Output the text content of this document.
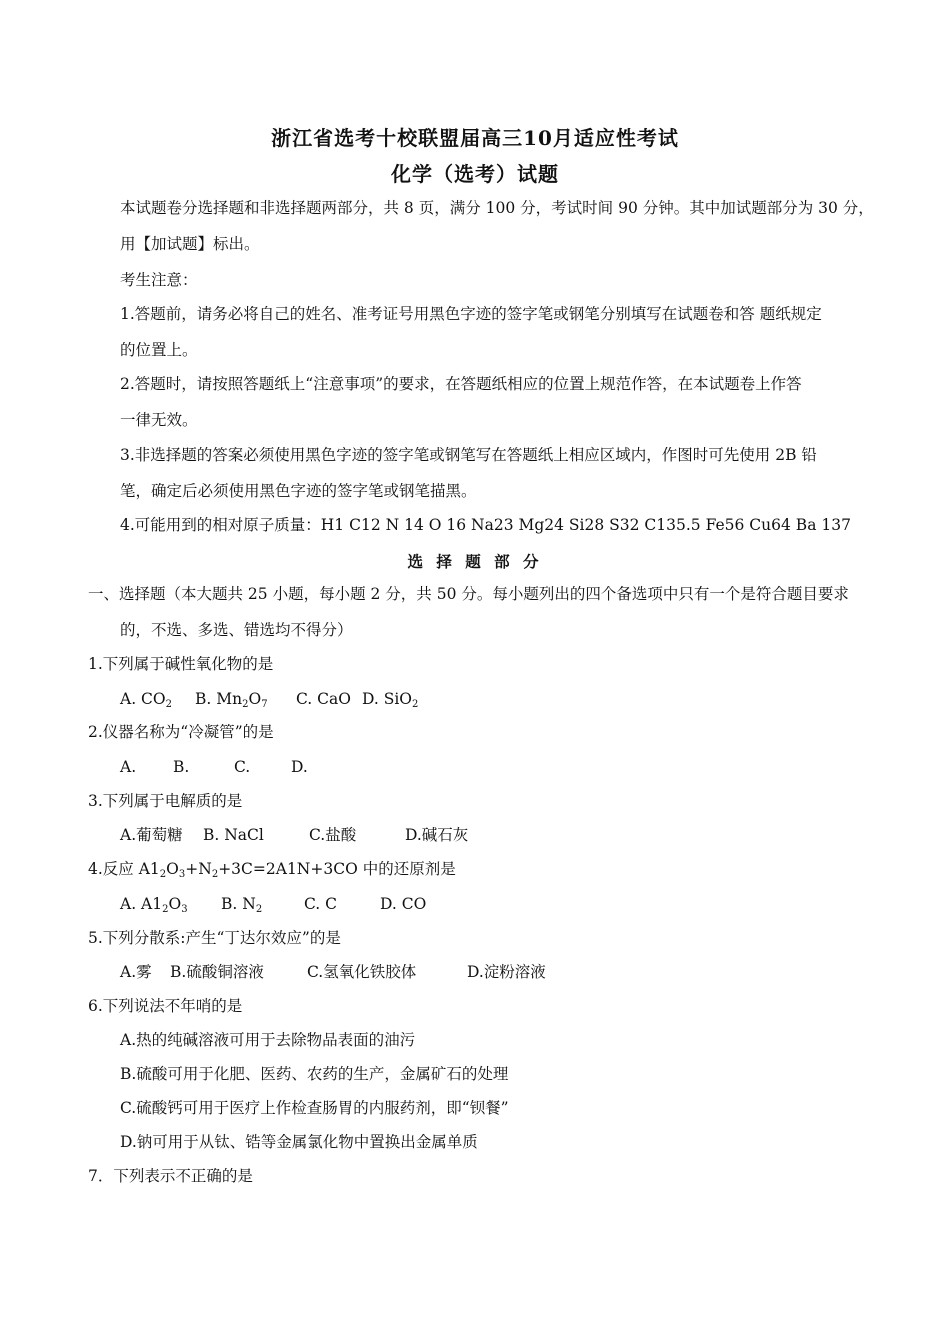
浙江省选考十校联盟届高三10月适应性考试
化学（选考）试题
本试题卷分选择题和非选择题两部分，共 8 页，满分 100 分，考试时间 90 分钟。其中加试题部分为 30 分，
用【加试题】标出。
考生注意：
1.答题前，请务必将自己的姓名、准考证号用黑色字迹的签字笔或钢笔分别填写在试题卷和答 题纸规定
的位置上。
2.答题时，请按照答题纸上“注意事项”的要求，在答题纸相应的位置上规范作答，在本试题卷上作答
一律无效。
3.非选择题的答案必须使用黑色字迹的签字笔或钢笔写在答题纸上相应区域内，作图时可先使用 2B 铅
笔，确定后必须使用黑色字迹的签字笔或钢笔描黑。
4.可能用到的相对原子质量：H1 C12 N 14 O 16 Na23 Mg24 Si28 S32 C135.5 Fe56 Cu64 Ba 137
选 择 题 部 分
一、选择题（本大题共 25 小题，每小题 2 分，共 50 分。每小题列出的四个备选项中只有一个是符合题目要求
的，不选、多选、错选均不得分）
1.下列属于碱性氧化物的是
A. $CO_2$ B. $Mn_2O_7$ C. CaO D. SiO$_2$
2.仪器名称为“冷凝管”的是
A. B.	C.	D.
3.下列属于电解质的是
A.葡萄糖 B. NaCl	C.盐酸	D.碱石灰
4.反应 $A1_2O_3+N_2+3C=2A1N+3CO$ 中的还原剂是
A. $A1_2O_3$ B. $N_2$	C. C	D. CO
5.下列分散系:产生“丁达尔效应”的是
A.雾 B.硫酸铜溶液	C.氢氧化铁胶体	D.淀粉溶液
6.下列说法不年哨的是
A.热的纯碱溶液可用于去除物品表面的油污
B.硫酸可用于化肥、医药、农药的生产，金属矿石的处理
C.硫酸钙可用于医疗上作检查肠胃的内服药剂，即“钡餐”
D.钠可用于从钛、锆等金属氯化物中置换出金属单质
7．下列表示不正确的是
